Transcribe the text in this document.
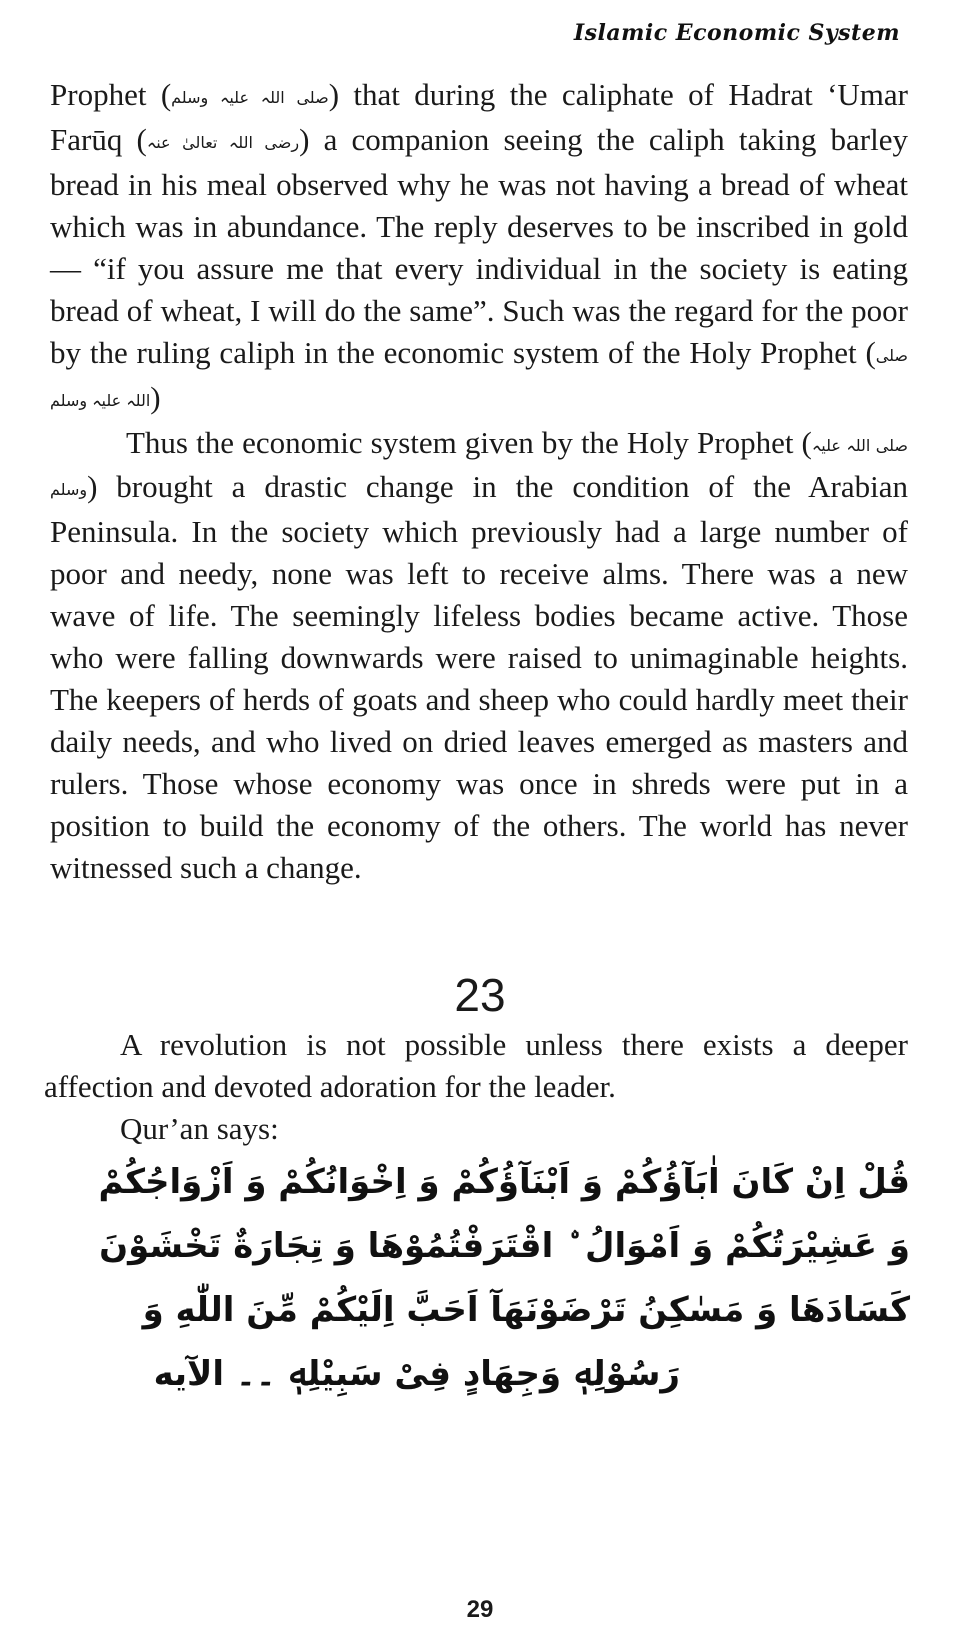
Islamic Economic System

Prophet (صلی اللہ علیہ وسلم) that during the caliphate of Hadrat ‘Umar Farūq (رضی اللہ تعالیٰ عنہ) a companion seeing the caliph taking barley bread in his meal observed why he was not having a bread of wheat which was in abundance. The reply deserves to be inscribed in gold — “if you assure me that every individual in the society is eating bread of wheat, I will do the same”. Such was the regard for the poor by the ruling caliph in the economic system of the Holy Prophet (صلی اللہ علیہ وسلم)

Thus the economic system given by the Holy Prophet (صلی اللہ علیہ وسلم) brought a drastic change in the condition of the Arabian Peninsula. In the society which previously had a large number of poor and needy, none was left to receive alms. There was a new wave of life. The seemingly lifeless bodies became active. Those who were falling downwards were raised to unimaginable heights. The keepers of herds of goats and sheep who could hardly meet their daily needs, and who lived on dried leaves emerged as masters and rulers. Those whose economy was once in shreds were put in a position to build the economy of the others. The world has never witnessed such a change.

23

A revolution is not possible unless there exists a deeper affection and devoted adoration for the leader.

Qur’an says:

قُلْ اِنْ كَانَ اٰبَآؤُكُمْ وَ اَبْنَآؤُكُمْ وَ اِخْوَانُكُمْ وَ اَزْوَاجُكُمْ
وَ عَشِيْرَتُكُمْ وَ اَمْوَالُ ۨ اقْتَرَفْتُمُوْهَا وَ تِجَارَةٌ تَخْشَوْنَ
كَسَادَهَا وَ مَسٰكِنُ تَرْضَوْنَهَآ اَحَبَّ اِلَيْكُمْ مِّنَ اللّٰهِ وَ
رَسُوْلِهٖ وَجِهَادٍ فِىْ سَبِيْلِهٖ ۔۔ الآيه
29
